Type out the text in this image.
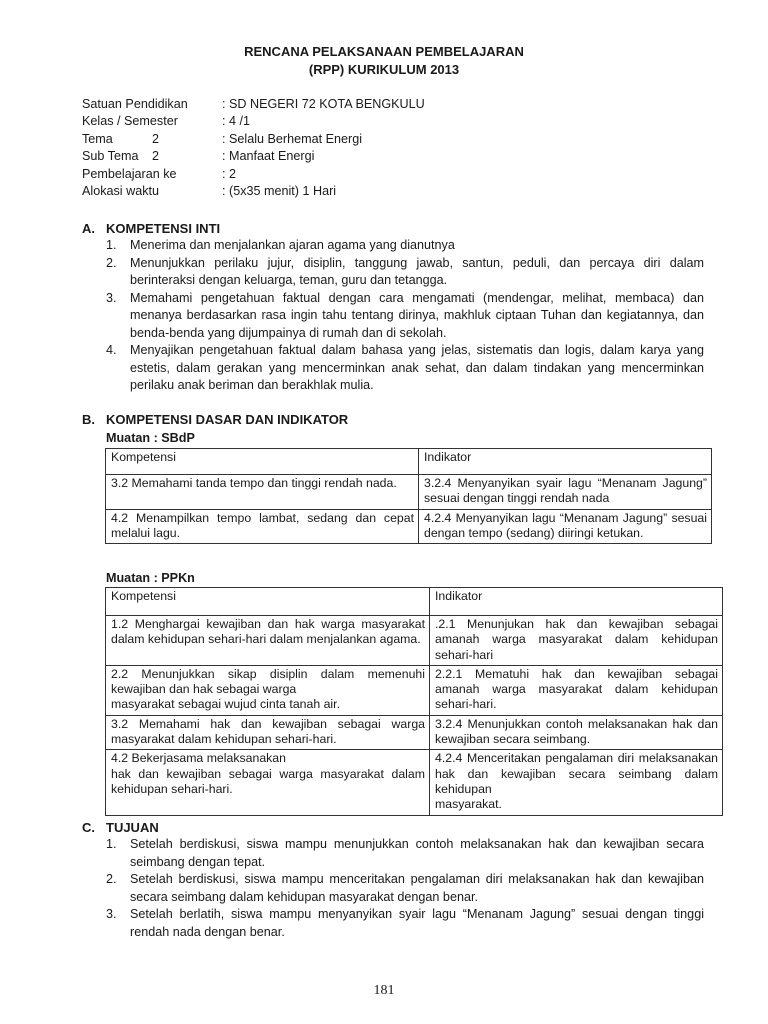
RENCANA PELAKSANAAN PEMBELAJARAN
(RPP) KURIKULUM 2013
Satuan Pendidikan	: SD NEGERI 72 KOTA BENGKULU
Kelas / Semester	: 4 /1
Tema	2	: Selalu Berhemat Energi
Sub Tema 2	: Manfaat Energi
Pembelajaran ke	: 2
Alokasi waktu	: (5x35 menit) 1 Hari
A. KOMPETENSI INTI
1. Menerima dan menjalankan ajaran agama yang dianutnya
2. Menunjukkan perilaku jujur, disiplin, tanggung jawab, santun, peduli, dan percaya diri dalam berinteraksi dengan keluarga, teman, guru dan tetangga.
3. Memahami pengetahuan faktual dengan cara mengamati (mendengar, melihat, membaca) dan menanya berdasarkan rasa ingin tahu tentang dirinya, makhluk ciptaan Tuhan dan kegiatannya, dan benda-benda yang dijumpainya di rumah dan di sekolah.
4. Menyajikan pengetahuan faktual dalam bahasa yang jelas, sistematis dan logis, dalam karya yang estetis, dalam gerakan yang mencerminkan anak sehat, dan dalam tindakan yang mencerminkan perilaku anak beriman dan berakhlak mulia.
B. KOMPETENSI DASAR DAN INDIKATOR
Muatan : SBdP
Kompetensi	Indikator
3.2 Memahami tanda tempo dan tinggi rendah nada.	3.2.4 Menyanyikan syair lagu “Menanam Jagung” sesuai dengan tinggi rendah nada
4.2 Menampilkan tempo lambat, sedang dan cepat melalui lagu.	4.2.4 Menyanyikan lagu “Menanam Jagung” sesuai dengan tempo (sedang) diiringi ketukan.
Muatan : PPKn
Kompetensi	Indikator
1.2 Menghargai kewajiban dan hak warga masyarakat dalam kehidupan sehari-hari dalam menjalankan agama.	.2.1 Menunjukan hak dan kewajiban sebagai amanah warga masyarakat dalam kehidupan sehari-hari
2.2 Menunjukkan sikap disiplin dalam memenuhi kewajiban dan hak sebagai warga
masyarakat sebagai wujud cinta tanah air.	2.2.1 Mematuhi hak dan kewajiban sebagai amanah warga masyarakat dalam kehidupan sehari-hari.
3.2 Memahami hak dan kewajiban sebagai warga masyarakat dalam kehidupan sehari-hari.	3.2.4 Menunjukkan contoh melaksanakan hak dan kewajiban secara seimbang.
4.2 Bekerjasama melaksanakan
hak dan kewajiban sebagai warga masyarakat dalam kehidupan sehari-hari.	4.2.4 Menceritakan pengalaman diri melaksanakan hak dan kewajiban secara seimbang dalam kehidupan
masyarakat.
C. TUJUAN
1. Setelah berdiskusi, siswa mampu menunjukkan contoh melaksanakan hak dan kewajiban secara seimbang dengan tepat.
2. Setelah berdiskusi, siswa mampu menceritakan pengalaman diri melaksanakan hak dan kewajiban secara seimbang dalam kehidupan masyarakat dengan benar.
3. Setelah berlatih, siswa mampu menyanyikan syair lagu “Menanam Jagung” sesuai dengan tinggi rendah nada dengan benar.
181
